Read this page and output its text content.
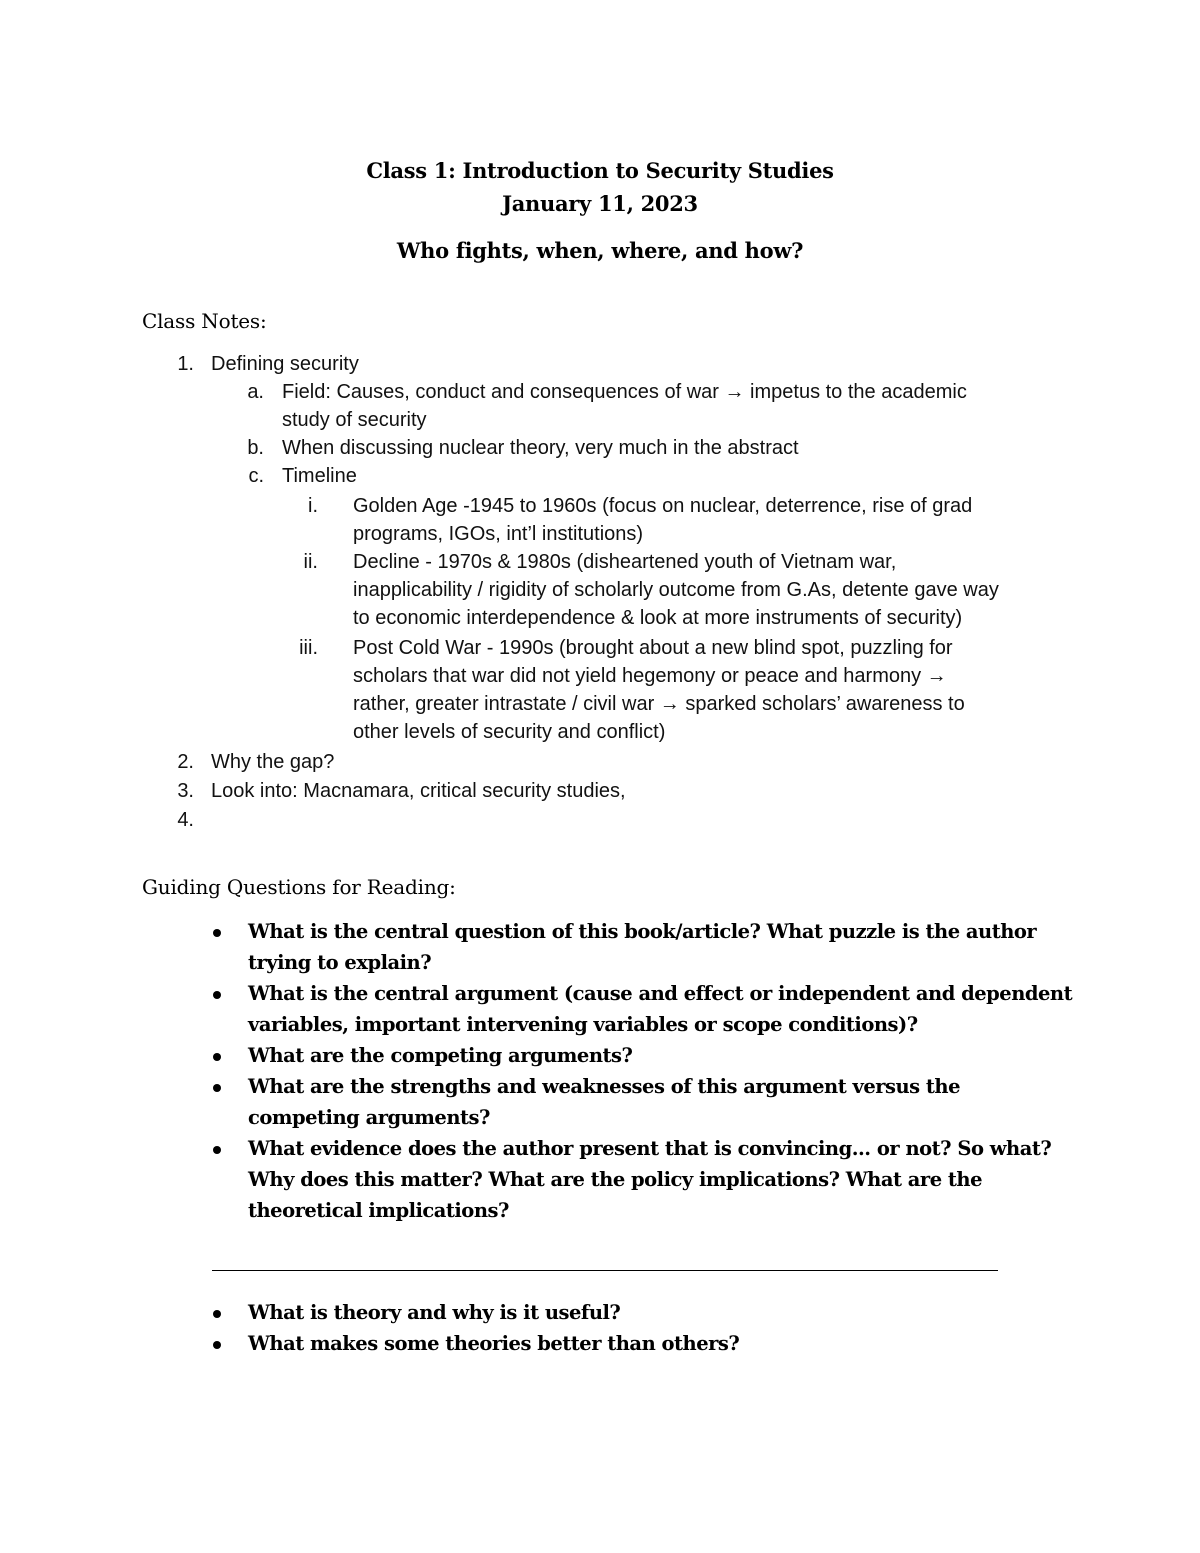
Class 1: Introduction to Security Studies
January 11, 2023
Who fights, when, where, and how?
Class Notes:
1. Defining security
a. Field: Causes, conduct and consequences of war → impetus to the academic
study of security
b. When discussing nuclear theory, very much in the abstract
c. Timeline
i. Golden Age -1945 to 1960s (focus on nuclear, deterrence, rise of grad
programs, IGOs, int’l institutions)
ii. Decline - 1970s & 1980s (disheartened youth of Vietnam war,
inapplicability / rigidity of scholarly outcome from G.As, detente gave way
to economic interdependence & look at more instruments of security)
iii. Post Cold War - 1990s (brought about a new blind spot, puzzling for
scholars that war did not yield hegemony or peace and harmony →
rather, greater intrastate / civil war → sparked scholars’ awareness to
other levels of security and conflict)
2. Why the gap?
3. Look into: Macnamara, critical security studies,
4.
Guiding Questions for Reading:
What is the central question of this book/article? What puzzle is the author
trying to explain?
What is the central argument (cause and effect or independent and dependent
variables, important intervening variables or scope conditions)?
What are the competing arguments?
What are the strengths and weaknesses of this argument versus the
competing arguments?
What evidence does the author present that is convincing... or not? So what?
Why does this matter? What are the policy implications? What are the
theoretical implications?
What is theory and why is it useful?
What makes some theories better than others?
